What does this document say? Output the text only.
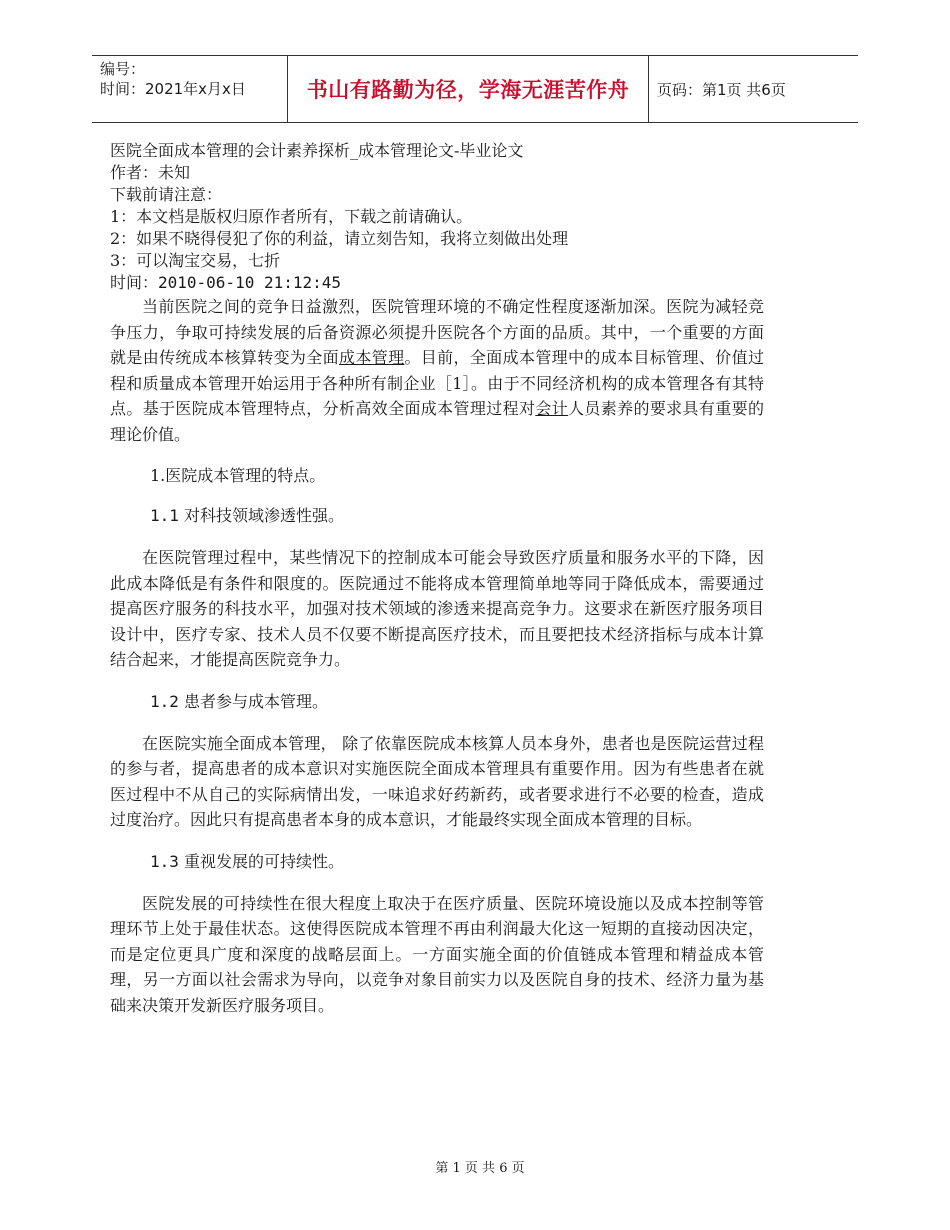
编号：
时间：2021年x月x日	书山有路勤为径，学海无涯苦作舟	页码：第1页 共6页
医院全面成本管理的会计素养探析_成本管理论文-毕业论文
作者：未知
下载前请注意：
1：本文档是版权归原作者所有，下载之前请确认。
2：如果不晓得侵犯了你的利益，请立刻告知，我将立刻做出处理
3：可以淘宝交易，七折
时间：2010-06-10 21:12:45
当前医院之间的竞争日益激烈，医院管理环境的不确定性程度逐渐加深。医院为减轻竞争压力，争取可持续发展的后备资源必须提升医院各个方面的品质。其中，一个重要的方面就是由传统成本核算转变为全面成本管理。目前，全面成本管理中的成本目标管理、价值过程和质量成本管理开始运用于各种所有制企业［1］。由于不同经济机构的成本管理各有其特点。基于医院成本管理特点，分析高效全面成本管理过程对会计人员素养的要求具有重要的理论价值。
1.医院成本管理的特点。
1.1 对科技领域渗透性强。
在医院管理过程中，某些情况下的控制成本可能会导致医疗质量和服务水平的下降，因此成本降低是有条件和限度的。医院通过不能将成本管理简单地等同于降低成本，需要通过提高医疗服务的科技水平，加强对技术领域的渗透来提高竞争力。这要求在新医疗服务项目设计中，医疗专家、技术人员不仅要不断提高医疗技术，而且要把技术经济指标与成本计算结合起来，才能提高医院竞争力。
1.2 患者参与成本管理。
在医院实施全面成本管理， 除了依靠医院成本核算人员本身外，患者也是医院运营过程的参与者，提高患者的成本意识对实施医院全面成本管理具有重要作用。因为有些患者在就医过程中不从自己的实际病情出发，一味追求好药新药，或者要求进行不必要的检查，造成过度治疗。因此只有提高患者本身的成本意识，才能最终实现全面成本管理的目标。
1.3 重视发展的可持续性。
医院发展的可持续性在很大程度上取决于在医疗质量、医院环境设施以及成本控制等管理环节上处于最佳状态。这使得医院成本管理不再由利润最大化这一短期的直接动因决定，而是定位更具广度和深度的战略层面上。一方面实施全面的价值链成本管理和精益成本管理，另一方面以社会需求为导向，以竞争对象目前实力以及医院自身的技术、经济力量为基础来决策开发新医疗服务项目。
第 1 页 共 6 页
